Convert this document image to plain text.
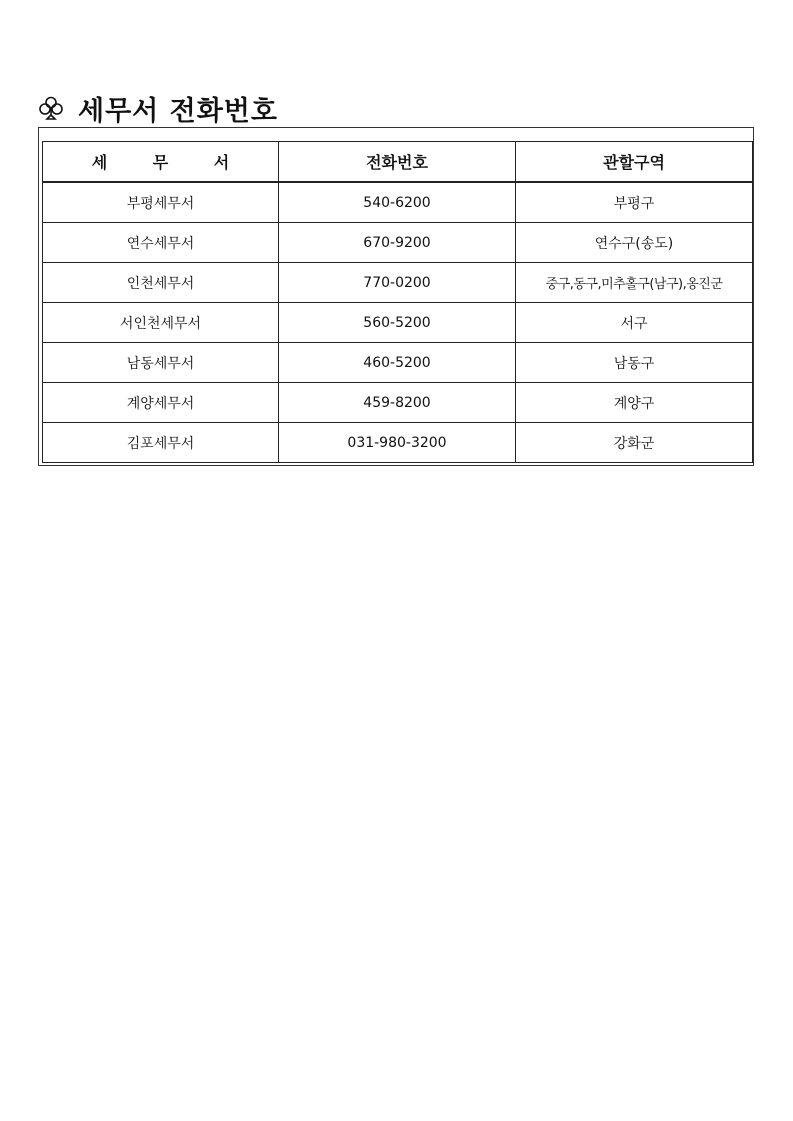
세무서 전화번호
세 무 서	전화번호	관할구역
부평세무서	540-6200	부평구
연수세무서	670-9200	연수구(송도)
인천세무서	770-0200	중구,동구,미추홀구(남구),옹진군
서인천세무서	560-5200	서구
남동세무서	460-5200	남동구
계양세무서	459-8200	계양구
김포세무서	031-980-3200	강화군
